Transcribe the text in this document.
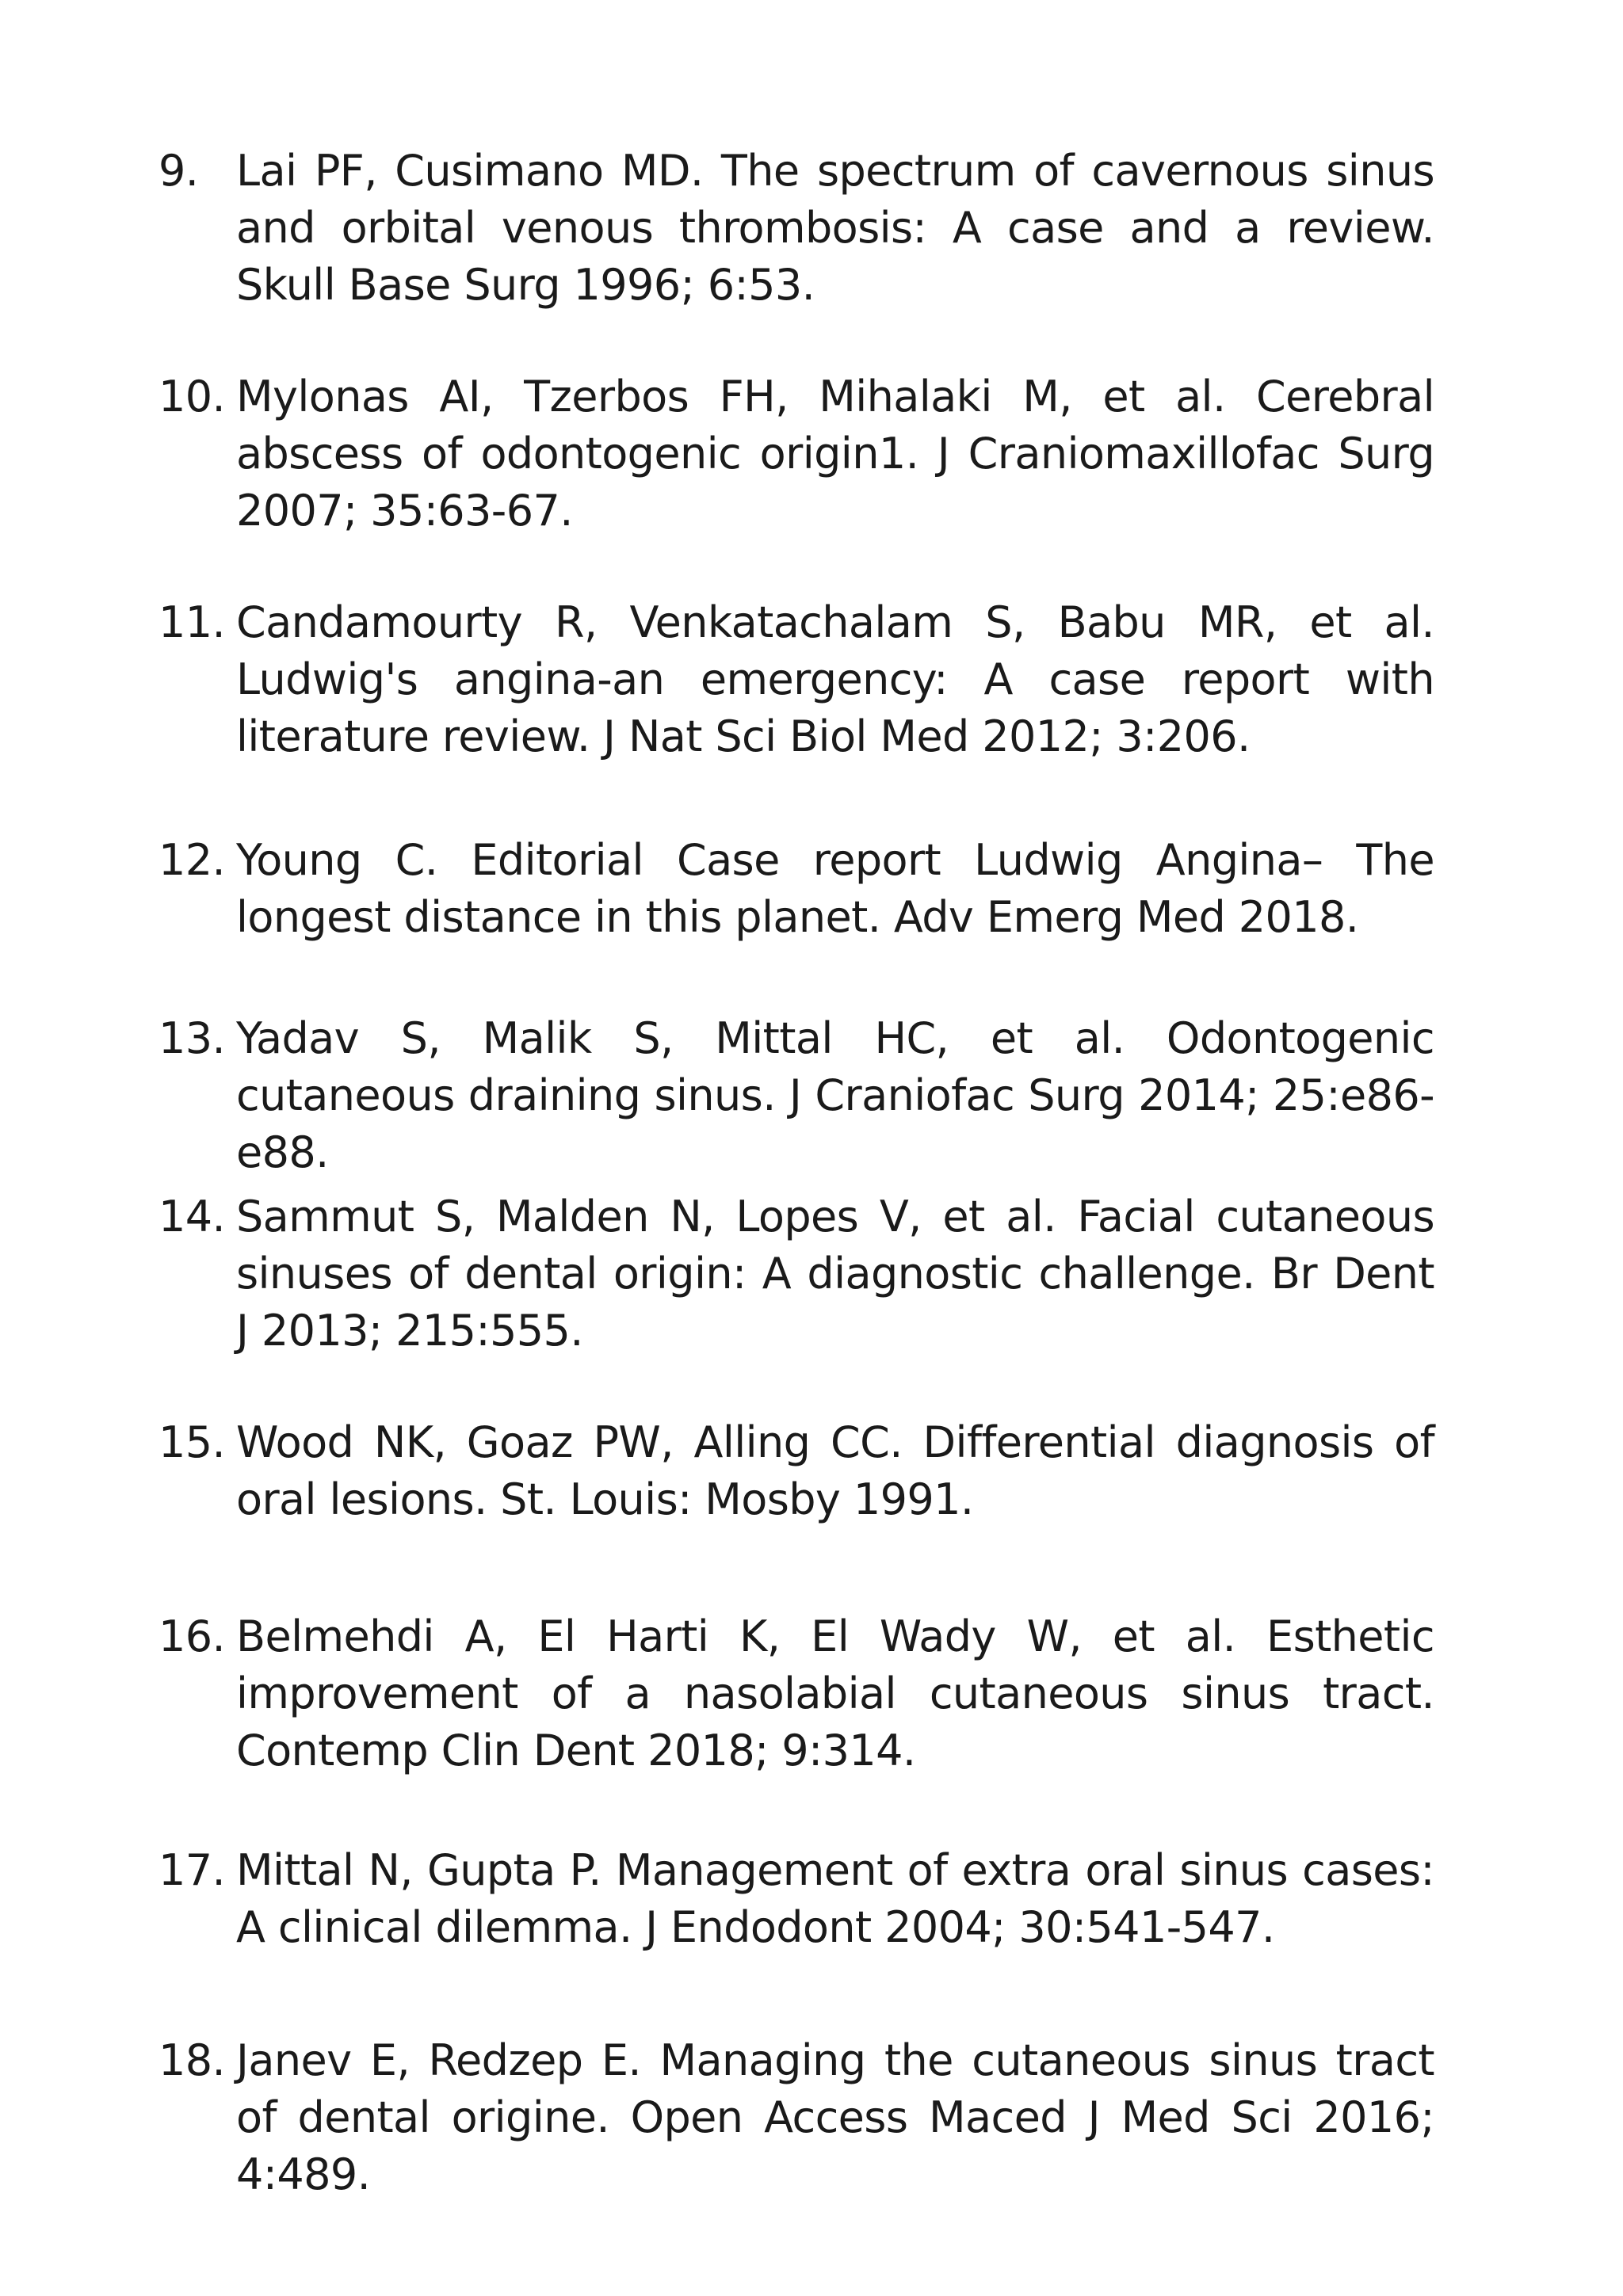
9. Lai PF, Cusimano MD. The spectrum of cavernous sinus and orbital venous thrombosis: A case and a review. Skull Base Surg 1996; 6:53.
10. Mylonas AI, Tzerbos FH, Mihalaki M, et al. Cerebral abscess of odontogenic origin1. J Craniomaxillofac Surg 2007; 35:63-67.
11. Candamourty R, Venkatachalam S, Babu MR, et al. Ludwig's angina-an emergency: A case report with literature review. J Nat Sci Biol Med 2012; 3:206.
12. Young C. Editorial Case report Ludwig Angina– The longest distance in this planet. Adv Emerg Med 2018.
13. Yadav S, Malik S, Mittal HC, et al. Odontogenic cutaneous draining sinus. J Craniofac Surg 2014; 25:e86-e88.
14. Sammut S, Malden N, Lopes V, et al. Facial cutaneous sinuses of dental origin: A diagnostic challenge. Br Dent J 2013; 215:555.
15. Wood NK, Goaz PW, Alling CC. Differential diagnosis of oral lesions. St. Louis: Mosby 1991.
16. Belmehdi A, El Harti K, El Wady W, et al. Esthetic improvement of a nasolabial cutaneous sinus tract. Contemp Clin Dent 2018; 9:314.
17. Mittal N, Gupta P. Management of extra oral sinus cases: A clinical dilemma. J Endodont 2004; 30:541-547.
18. Janev E, Redzep E. Managing the cutaneous sinus tract of dental origine. Open Access Maced J Med Sci 2016; 4:489.
